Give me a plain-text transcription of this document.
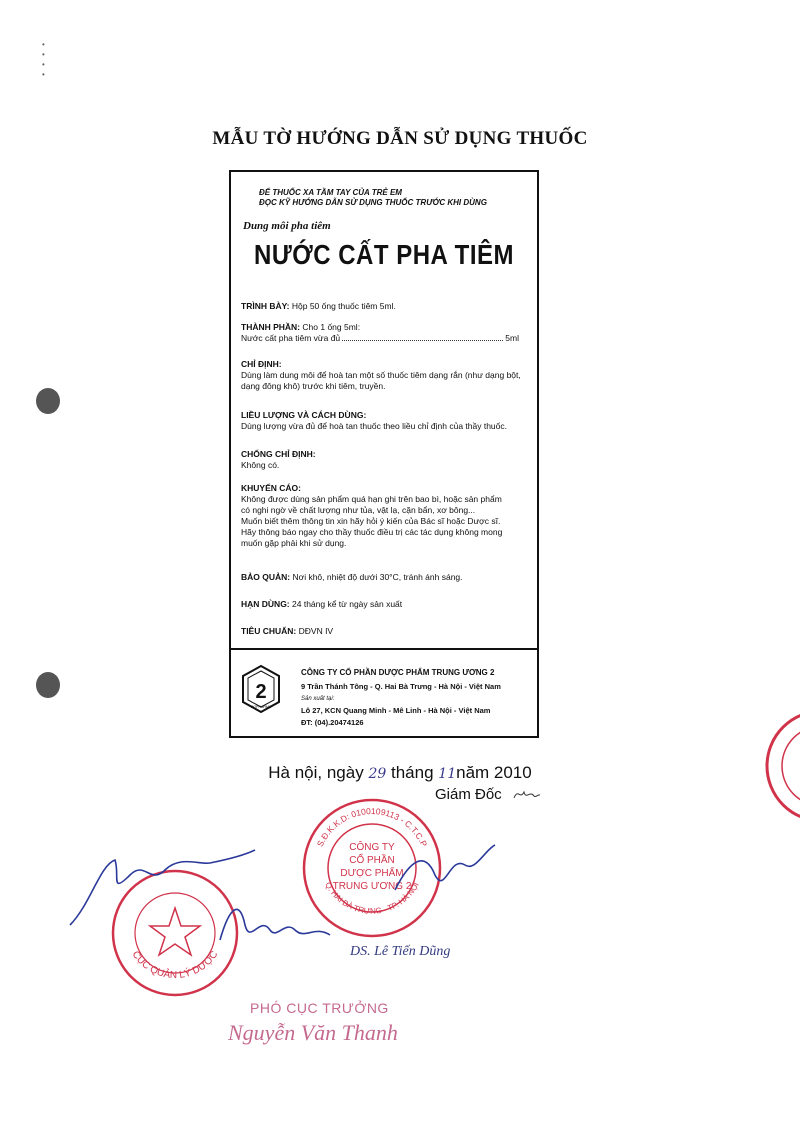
•
•
•
•
MẪU TỜ HƯỚNG DẪN SỬ DỤNG THUỐC
ĐỂ THUỐC XA TẦM TAY CỦA TRẺ EM
ĐỌC KỸ HƯỚNG DẪN SỬ DỤNG THUỐC TRƯỚC KHI DÙNG
Dung môi pha tiêm
NƯỚC CẤT PHA TIÊM
TRÌNH BÀY: Hộp 50 ống thuốc tiêm 5ml.
THÀNH PHẦN: Cho 1 ống 5ml:

Nước cất pha tiêm vừa đủ	5ml
CHỈ ĐỊNH:
Dùng làm dung môi để hoà tan một số thuốc tiêm dạng rắn (như dạng bột, dạng đông khô) trước khi tiêm, truyền.
LIỀU LƯỢNG VÀ CÁCH DÙNG:
Dùng lượng vừa đủ để hoà tan thuốc theo liều chỉ định của thầy thuốc.
CHỐNG CHỈ ĐỊNH:
Không có.
KHUYẾN CÁO:
Không được dùng sản phẩm quá hạn ghi trên bao bì, hoặc sản phẩm
có nghi ngờ về chất lượng như tủa, vật lạ, cặn bẩn, xơ bông...
Muốn biết thêm thông tin xin hãy hỏi ý kiến của Bác sĩ hoặc Dược sĩ.
Hãy thông báo ngay cho thầy thuốc điều trị các tác dụng không mong
muốn gặp phải khi sử dụng.
BẢO QUẢN: Nơi khô, nhiệt độ dưới 30°C, tránh ánh sáng.
HẠN DÙNG: 24 tháng kể từ ngày sản xuất
TIÊU CHUẨN: DĐVN IV
2
DOPHARMA
CÔNG TY CỔ PHẦN DƯỢC PHẨM TRUNG ƯƠNG 2
9 Trần Thánh Tông - Q. Hai Bà Trưng - Hà Nội - Việt Nam
Sản xuất tại:
Lô 27, KCN Quang Minh - Mê Linh - Hà Nội - Việt Nam
ĐT: (04).20474126
Hà nội, ngày 29 tháng 11năm 2010
Giám Đốc
S.Đ.K.K.D: 0100109113 - C.T.C.P
Q. HAI BÀ TRƯNG - TP. HÀ NỘI
CÔNG TY
CỔ PHẦN
DƯỢC PHẨM
TRUNG ƯƠNG 2
CỤC QUẢN LÝ DƯỢC	DS. Lê Tiến Dũng
PHÓ CỤC TRƯỞNG
Nguyễn Văn Thanh
